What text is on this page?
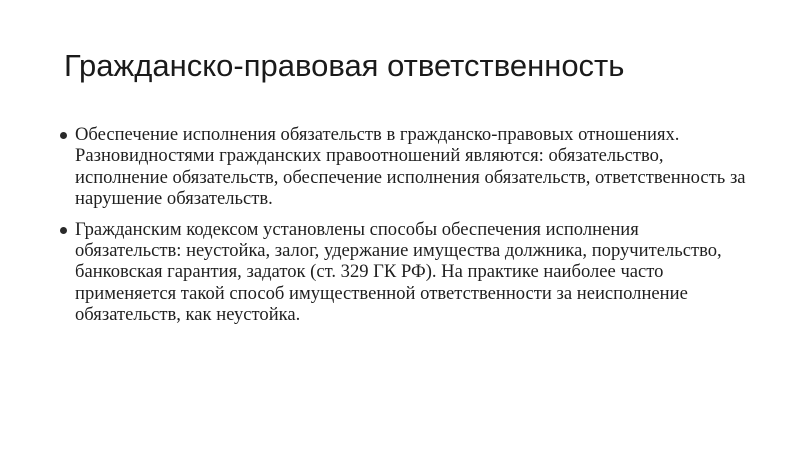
Гражданско-правовая ответственность
Обеспечение исполнения обязательств в гражданско-правовых отношениях. Разновидностями гражданских правоотношений являются: обязательство, исполнение обязательств, обеспечение исполнения обязательств, ответственность за нарушение обязательств.
Гражданским кодексом установлены способы обеспечения исполнения обязательств: неустойка, залог, удержание имущества должника, поручительство, банковская гарантия, задаток (ст. 329 ГК РФ). На практике наиболее часто применяется такой способ имущественной ответственности за неисполнение обязательств, как неустойка.
